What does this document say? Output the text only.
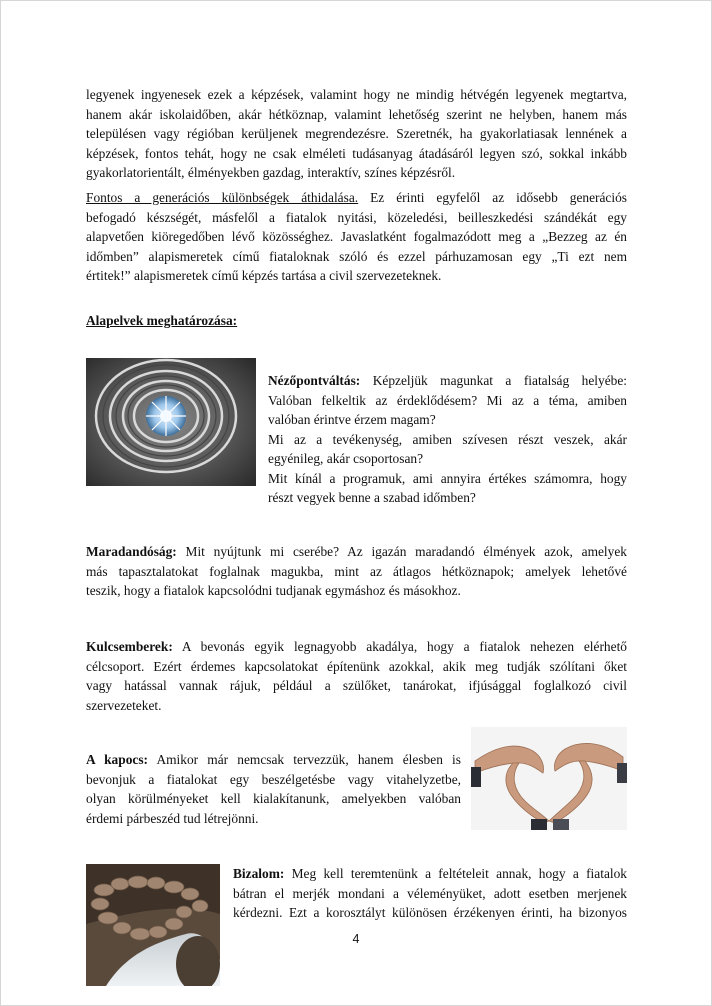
legyenek ingyenesek ezek a képzések, valamint hogy ne mindig hétvégén legyenek megtartva,
hanem akár iskolaidőben, akár hétköznap, valamint lehetőség szerint ne helyben, hanem más
településen vagy régióban kerüljenek megrendezésre. Szeretnék, ha gyakorlatiasak lennének a
képzések, fontos tehát, hogy ne csak elméleti tudásanyag átadásáról legyen szó, sokkal inkább
gyakorlatorientált, élményekben gazdag, interaktív, színes képzésről.
Fontos a generációs különbségek áthidalása. Ez érinti egyfelől az idősebb generációs
befogadó készségét, másfelől a fiatalok nyitási, közeledési, beilleszkedési szándékát egy
alapvetően kiöregedőben lévő közösséghez. Javaslatként fogalmazódott meg a „Bezzeg az én
időmben” alapismeretek című fiataloknak szóló és ezzel párhuzamosan egy „Ti ezt nem
értitek!” alapismeretek című képzés tartása a civil szervezeteknek.

Alapelvek meghatározása:

Nézőpontváltás: Képzeljük magunkat a fiatalság helyébe:
Valóban felkeltik az érdeklődésem? Mi az a téma, amiben
valóban érintve érzem magam?
Mi az a tevékenység, amiben szívesen részt veszek, akár
egyénileg, akár csoportosan?
Mit kínál a programuk, ami annyira értékes számomra, hogy
részt vegyek benne a szabad időmben?
Maradandóság: Mit nyújtunk mi cserébe? Az igazán maradandó élmények azok, amelyek
más tapasztalatokat foglalnak magukba, mint az átlagos hétköznapok; amelyek lehetővé
teszik, hogy a fiatalok kapcsolódni tudjanak egymáshoz és másokhoz.
Kulcsemberek: A bevonás egyik legnagyobb akadálya, hogy a fiatalok nehezen elérhető
célcsoport. Ezért érdemes kapcsolatokat építenünk azokkal, akik meg tudják szólítani őket
vagy hatással vannak rájuk, például a szülőket, tanárokat, ifjúsággal foglalkozó civil
szervezeteket.
A kapocs: Amikor már nemcsak tervezzük, hanem élesben is
bevonjuk a fiatalokat egy beszélgetésbe vagy vitahelyzetbe,
olyan körülményeket kell kialakítanunk, amelyekben valóban
érdemi párbeszéd tud létrejönni.
Bizalom: Meg kell teremtenünk a feltételeit annak, hogy a fiatalok
bátran el merjék mondani a véleményüket, adott esetben merjenek
kérdezni. Ezt a korosztályt különösen érzékenyen érinti, ha bizonyos
4
